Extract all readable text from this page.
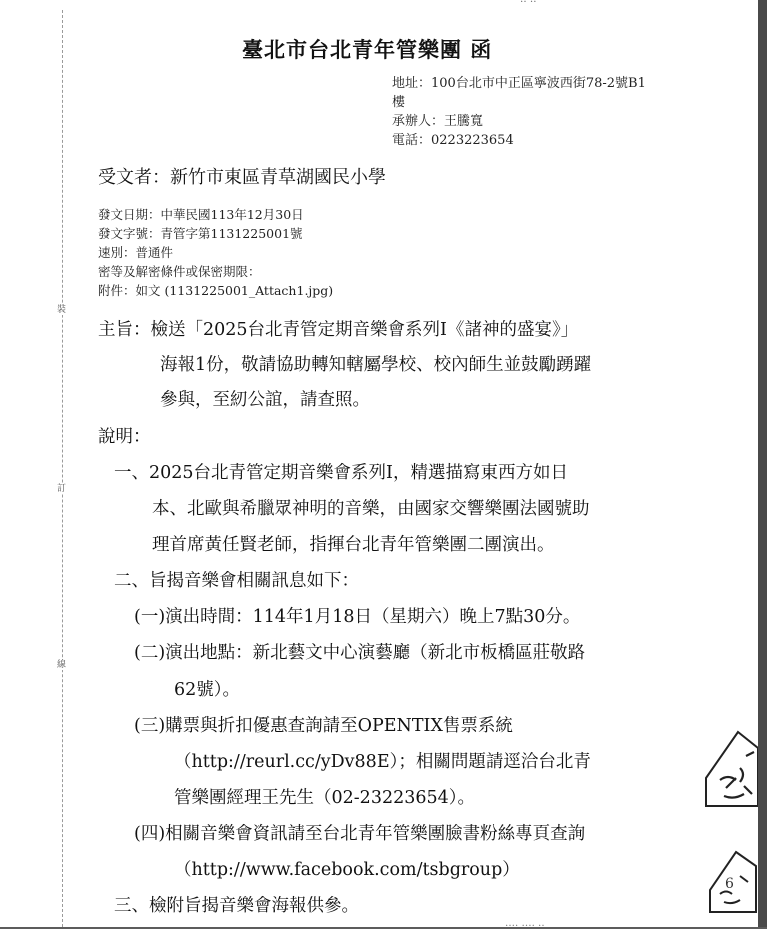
裝
訂
線
臺北市台北青年管樂團 函
地址：100台北市中正區寧波西街78-2號B1
樓
承辦人：王騰寬
電話：0223223654
受文者：新竹市東區青草湖國民小學
發文日期：中華民國113年12月30日
發文字號：青管字第1131225001號
速別：普通件
密等及解密條件或保密期限：
附件：如文 (1131225001_Attach1.jpg)
主旨：檢送「2025台北青管定期音樂會系列Ⅰ《諸神的盛宴》」
海報1份，敬請協助轉知轄屬學校、校內師生並鼓勵踴躍
參與，至紉公誼，請查照。
說明：
一、2025台北青管定期音樂會系列Ⅰ，精選描寫東西方如日
本、北歐與希臘眾神明的音樂，由國家交響樂團法國號助
理首席黃任賢老師，指揮台北青年管樂團二團演出。
二、旨揭音樂會相關訊息如下：
(一)演出時間：114年1月18日（星期六）晚上7點30分。
(二)演出地點：新北藝文中心演藝廳（新北市板橋區莊敬路
62號）。
(三)購票與折扣優惠查詢請至OPENTIX售票系統
（http://reurl.cc/yDv88E）；相關問題請逕洽台北青
管樂團經理王先生（02-23223654）。
(四)相關音樂會資訊請至台北青年管樂團臉書粉絲專頁查詢
（http://www.facebook.com/tsbgroup）
三、檢附旨揭音樂會海報供參。
6
‥‥ ‥‥ ‥
